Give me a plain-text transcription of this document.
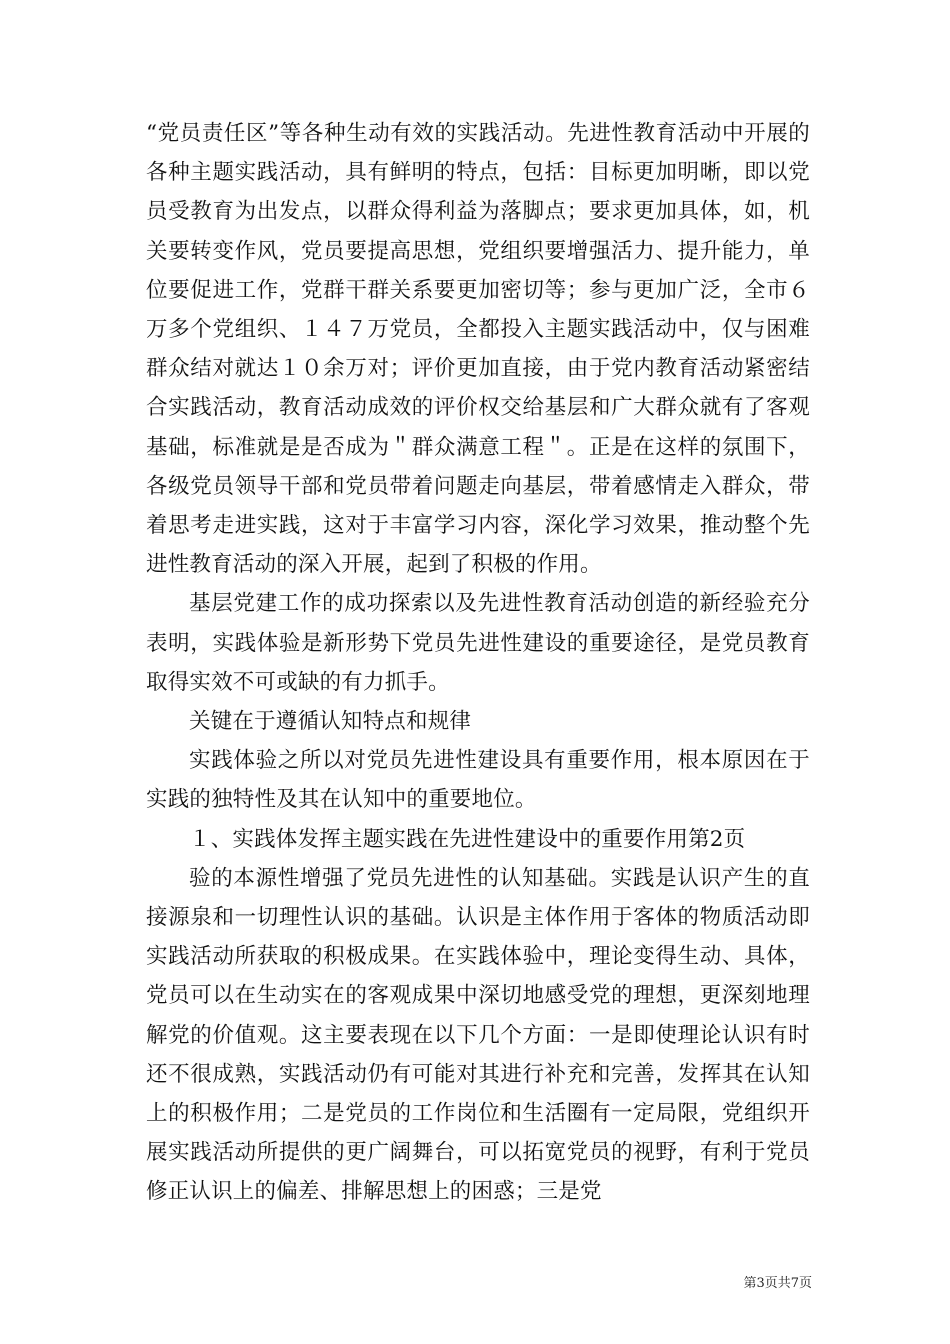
“党员责任区”等各种生动有效的实践活动。先进性教育活动中开展的各种主题实践活动，具有鲜明的特点，包括：目标更加明晰，即以党员受教育为出发点，以群众得利益为落脚点；要求更加具体，如，机关要转变作风，党员要提高思想，党组织要增强活力、提升能力，单位要促进工作，党群干群关系要更加密切等；参与更加广泛，全市６万多个党组织、１４７万党员，全都投入主题实践活动中，仅与困难群众结对就达１０余万对；评价更加直接，由于党内教育活动紧密结合实践活动，教育活动成效的评价权交给基层和广大群众就有了客观基础，标准就是是否成为＂群众满意工程＂。正是在这样的氛围下，各级党员领导干部和党员带着问题走向基层，带着感情走入群众，带着思考走进实践，这对于丰富学习内容，深化学习效果，推动整个先进性教育活动的深入开展，起到了积极的作用。

基层党建工作的成功探索以及先进性教育活动创造的新经验充分表明，实践体验是新形势下党员先进性建设的重要途径，是党员教育取得实效不可或缺的有力抓手。

关键在于遵循认知特点和规律

实践体验之所以对党员先进性建设具有重要作用，根本原因在于实践的独特性及其在认知中的重要地位。

１、实践体发挥主题实践在先进性建设中的重要作用第2页

验的本源性增强了党员先进性的认知基础。实践是认识产生的直接源泉和一切理性认识的基础。认识是主体作用于客体的物质活动即实践活动所获取的积极成果。在实践体验中，理论变得生动、具体，党员可以在生动实在的客观成果中深切地感受党的理想，更深刻地理解党的价值观。这主要表现在以下几个方面：一是即使理论认识有时还不很成熟，实践活动仍有可能对其进行补充和完善，发挥其在认知上的积极作用；二是党员的工作岗位和生活圈有一定局限，党组织开展实践活动所提供的更广阔舞台，可以拓宽党员的视野，有利于党员修正认识上的偏差、排解思想上的困惑；三是党

第3页共7页
